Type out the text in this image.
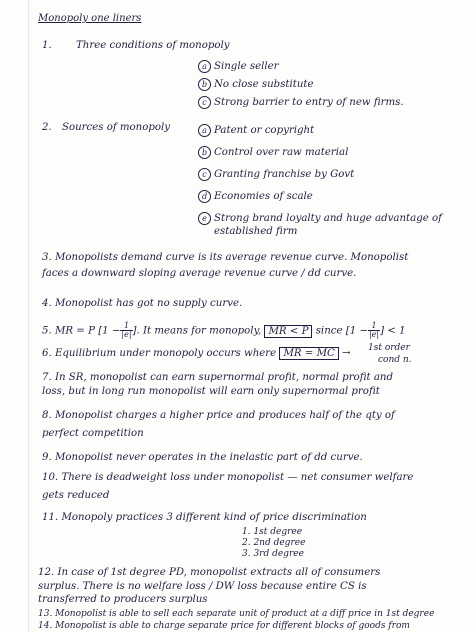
Monopoly one liners
1. Three conditions of monopoly
a Single seller
b No close substitute
c Strong barrier to entry of new firms.
2. Sources of monopoly	a Patent or copyright
b Control over raw material
c Granting franchise by Govt
d Economies of scale
e Strong brand loyalty and huge advantage of
established firm
3. Monopolists demand curve is its average revenue curve. Monopolist
faces a downward sloping average revenue curve / dd curve.
4. Monopolist has got no supply curve.
5. MR = P [$1 - \frac{1}{|e|}$ ]. It means for monopoly, MR < P since [$1 - \frac{1}{|e|}$ ] < 1
6. Equilibrium under monopoly occurs where MR = MC → 1st order
cond n.
7. In SR, monopolist can earn supernormal profit, normal profit and
loss, but in long run monopolist will earn only supernormal profit
8. Monopolist charges a higher price and produces half of the qty of
perfect competition
9. Monopolist never operates in the inelastic part of dd curve.
10. There is deadweight loss under monopolist — net consumer welfare
gets reduced
11. Monopoly practices 3 different kind of price discrimination
1. 1st degree
2. 2nd degree
3. 3rd degree
12. In case of 1st degree PD, monopolist extracts all of consumers
surplus. There is no welfare loss / DW loss because entire CS is
transferred to producers surplus
13. Monopolist is able to sell each separate unit of product at a diff price in 1st degree
14. Monopolist is able to charge separate price for different blocks of goods from
